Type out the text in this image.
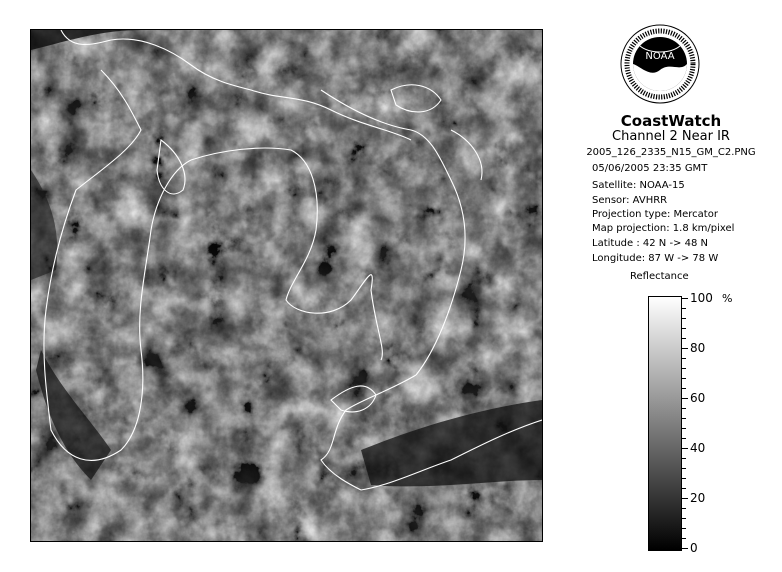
NOAA
CoastWatch
Channel 2 Near IR
2005_126_2335_N15_GM_C2.PNG
05/06/2005 23:35 GMT
Satellite: NOAA-15
Sensor: AVHRR
Projection type: Mercator
Map projection: 1.8 km/pixel
Latitude : 42 N -> 48 N
Longitude: 87 W -> 78 W
Reflectance
%
100
80
60
40
20
0
